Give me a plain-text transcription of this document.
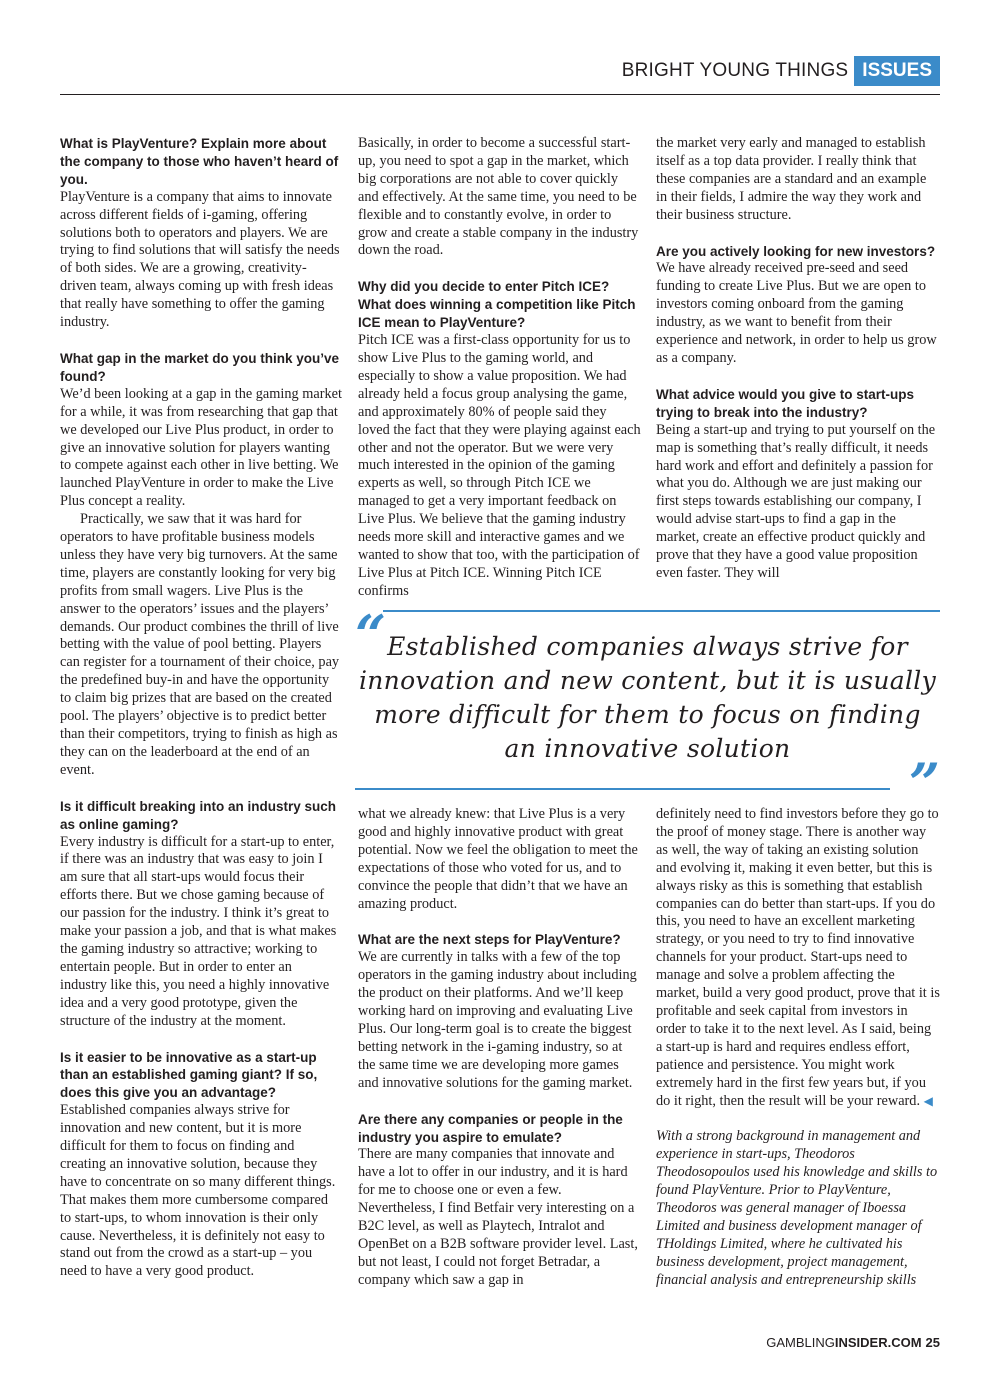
BRIGHT YOUNG THINGS ISSUES

What is PlayVenture? Explain more about the company to those who haven’t heard of you.

PlayVenture is a company that aims to innovate across different fields of i-gaming, offering solutions both to operators and players. We are trying to find solutions that will satisfy the needs of both sides. We are a growing, creativity-driven team, always coming up with fresh ideas that really have something to offer the gaming industry.

What gap in the market do you think you’ve found?

We’d been looking at a gap in the gaming market for a while, it was from researching that gap that we developed our Live Plus product, in order to give an innovative solution for players wanting to compete against each other in live betting. We launched PlayVenture in order to make the Live Plus concept a reality.

Practically, we saw that it was hard for operators to have profitable business models unless they have very big turnovers. At the same time, players are constantly looking for very big profits from small wagers. Live Plus is the answer to the operators’ issues and the players’ demands. Our product combines the thrill of live betting with the value of pool betting. Players can register for a tournament of their choice, pay the predefined buy-in and have the opportunity to claim big prizes that are based on the created pool. The players’ objective is to predict better than their competitors, trying to finish as high as they can on the leaderboard at the end of an event.

Is it difficult breaking into an industry such as online gaming?

Every industry is difficult for a start-up to enter, if there was an industry that was easy to join I am sure that all start-ups would focus their efforts there. But we chose gaming because of our passion for the industry. I think it’s great to make your passion a job, and that is what makes the gaming industry so attractive; working to entertain people. But in order to enter an industry like this, you need a highly innovative idea and a very good prototype, given the structure of the industry at the moment.

Is it easier to be innovative as a start-up than an established gaming giant? If so, does this give you an advantage?

Established companies always strive for innovation and new content, but it is more difficult for them to focus on finding and creating an innovative solution, because they have to concentrate on so many different things. That makes them more cumbersome compared to start-ups, to whom innovation is their only cause. Nevertheless, it is definitely not easy to stand out from the crowd as a start-up – you need to have a very good product.

Basically, in order to become a successful start-up, you need to spot a gap in the market, which big corporations are not able to cover quickly and effectively. At the same time, you need to be flexible and to constantly evolve, in order to grow and create a stable company in the industry down the road.

Why did you decide to enter Pitch ICE? What does winning a competition like Pitch ICE mean to PlayVenture?

Pitch ICE was a first-class opportunity for us to show Live Plus to the gaming world, and especially to show a value proposition. We had already held a focus group analysing the game, and approximately 80% of people said they loved the fact that they were playing against each other and not the operator. But we were very much interested in the opinion of the gaming experts as well, so through Pitch ICE we managed to get a very important feedback on Live Plus. We believe that the gaming industry needs more skill and interactive games and we wanted to show that too, with the participation of Live Plus at Pitch ICE. Winning Pitch ICE confirms

the market very early and managed to establish itself as a top data provider. I really think that these companies are a standard and an example in their fields, I admire the way they work and their business structure.

Are you actively looking for new investors?

We have already received pre-seed and seed funding to create Live Plus. But we are open to investors coming onboard from the gaming industry, as we want to benefit from their experience and network, in order to help us grow as a company.

What advice would you give to start-ups trying to break into the industry?

Being a start-up and trying to put yourself on the map is something that’s really difficult, it needs hard work and effort and definitely a passion for what you do. Although we are just making our first steps towards establishing our company, I would advise start-ups to find a gap in the market, create an effective product quickly and prove that they have a good value proposition even faster. They will

“ Established companies always strive for innovation and new content, but it is usually more difficult for them to focus on finding an innovative solution
”

what we already knew: that Live Plus is a very good and highly innovative product with great potential. Now we feel the obligation to meet the expectations of those who voted for us, and to convince the people that didn’t that we have an amazing product.

What are the next steps for PlayVenture?

We are currently in talks with a few of the top operators in the gaming industry about including the product on their platforms. And we’ll keep working hard on improving and evaluating Live Plus. Our long-term goal is to create the biggest betting network in the i-gaming industry, so at the same time we are developing more games and innovative solutions for the gaming market.

Are there any companies or people in the industry you aspire to emulate?

There are many companies that innovate and have a lot to offer in our industry, and it is hard for me to choose one or even a few. Nevertheless, I find Betfair very interesting on a B2C level, as well as Playtech, Intralot and OpenBet on a B2B software provider level. Last, but not least, I could not forget Betradar, a company which saw a gap in

definitely need to find investors before they go to the proof of money stage. There is another way as well, the way of taking an existing solution and evolving it, making it even better, but this is always risky as this is something that establish companies can do better than start-ups. If you do this, you need to have an excellent marketing strategy, or you need to try to find innovative channels for your product. Start-ups need to manage and solve a problem affecting the market, build a very good product, prove that it is profitable and seek capital from investors in order to take it to the next level. As I said, being a start-up is hard and requires endless effort, patience and persistence. You might work extremely hard in the first few years but, if you do it right, then the result will be your reward. ◀

With a strong background in management and experience in start-ups, Theodoros Theodosopoulos used his knowledge and skills to found PlayVenture. Prior to PlayVenture, Theodoros was general manager of Iboessa Limited and business development manager of THoldings Limited, where he cultivated his business development, project management, financial analysis and entrepreneurship skills

GAMBLINGINSIDER.COM 25
